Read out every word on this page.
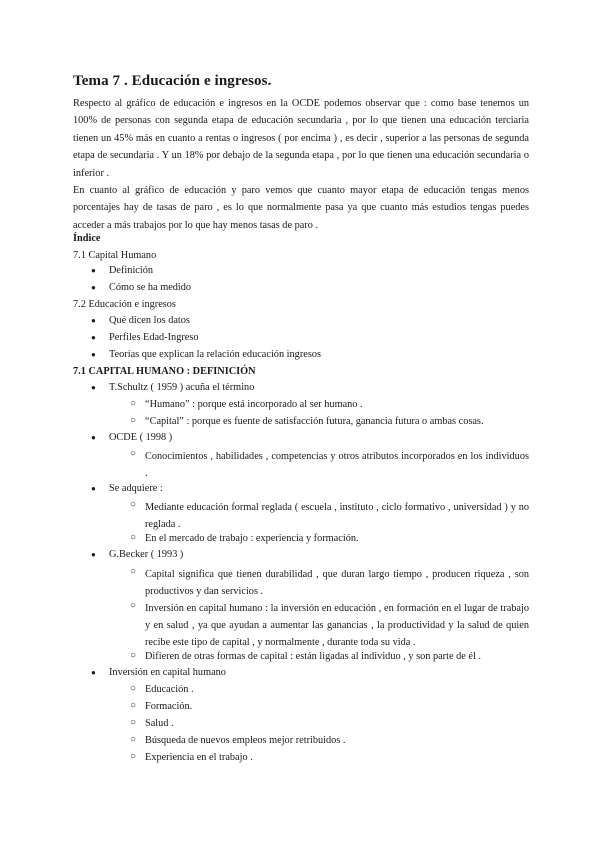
Tema 7 . Educación e ingresos.
Respecto al gráfico de educación e ingresos en la OCDE podemos observar que : como base tenemos un 100% de personas con segunda etapa de educación secundaria , por lo que tienen una educación terciaria tienen un 45% más en cuanto a rentas o ingresos ( por encima ) , es decir , superior a las personas de segunda etapa de secundaria . Y un 18% por debajo de la segunda etapa , por lo que tienen una educación secundaria o inferior .
En cuanto al gráfico de educación y paro vemos que cuanto mayor etapa de educación tengas menos porcentajes hay de tasas de paro , es lo que normalmente pasa ya que cuanto más estudios tengas puedes acceder a más trabajos por lo que hay menos tasas de paro .
Índice
7.1 Capital Humano
● Definición
● Cómo se ha medido
7.2 Educación e ingresos
● Qué dicen los datos
● Perfiles Edad-Ingreso
● Teorías que explican la relación educación ingresos
7.1 CAPITAL HUMANO : DEFINICIÓN
● T.Schultz ( 1959 ) acuña el término
○ “Humano” : porque está incorporado al ser humano .
○ “Capital” : porque es fuente de satisfacción futura, ganancia futura o ambas cosas.
● OCDE ( 1998 )
○ Conocimientos , habilidades , competencias y otros atributos incorporados en los individuos .
● Se adquiere :
○ Mediante educación formal reglada ( escuela , instituto , ciclo formativo , universidad ) y no reglada .
○ En el mercado de trabajo : experiencia y formación.
● G.Becker ( 1993 )
○ Capital significa que tienen durabilidad , que duran largo tiempo , producen riqueza , son productivos y dan servicios .
○ Inversión en capital humano : la inversión en educación , en formación en el lugar de trabajo y en salud , ya que ayudan a aumentar las ganancias , la productividad y la salud de quien recibe este tipo de capital , y normalmente , durante toda su vida .
○ Difieren de otras formas de capital : están ligadas al individuo , y son parte de él .
● Inversión en capital humano
○ Educación .
○ Formación.
○ Salud .
○ Búsqueda de nuevos empleos mejor retribuidos .
○ Experiencia en el trabajo .
